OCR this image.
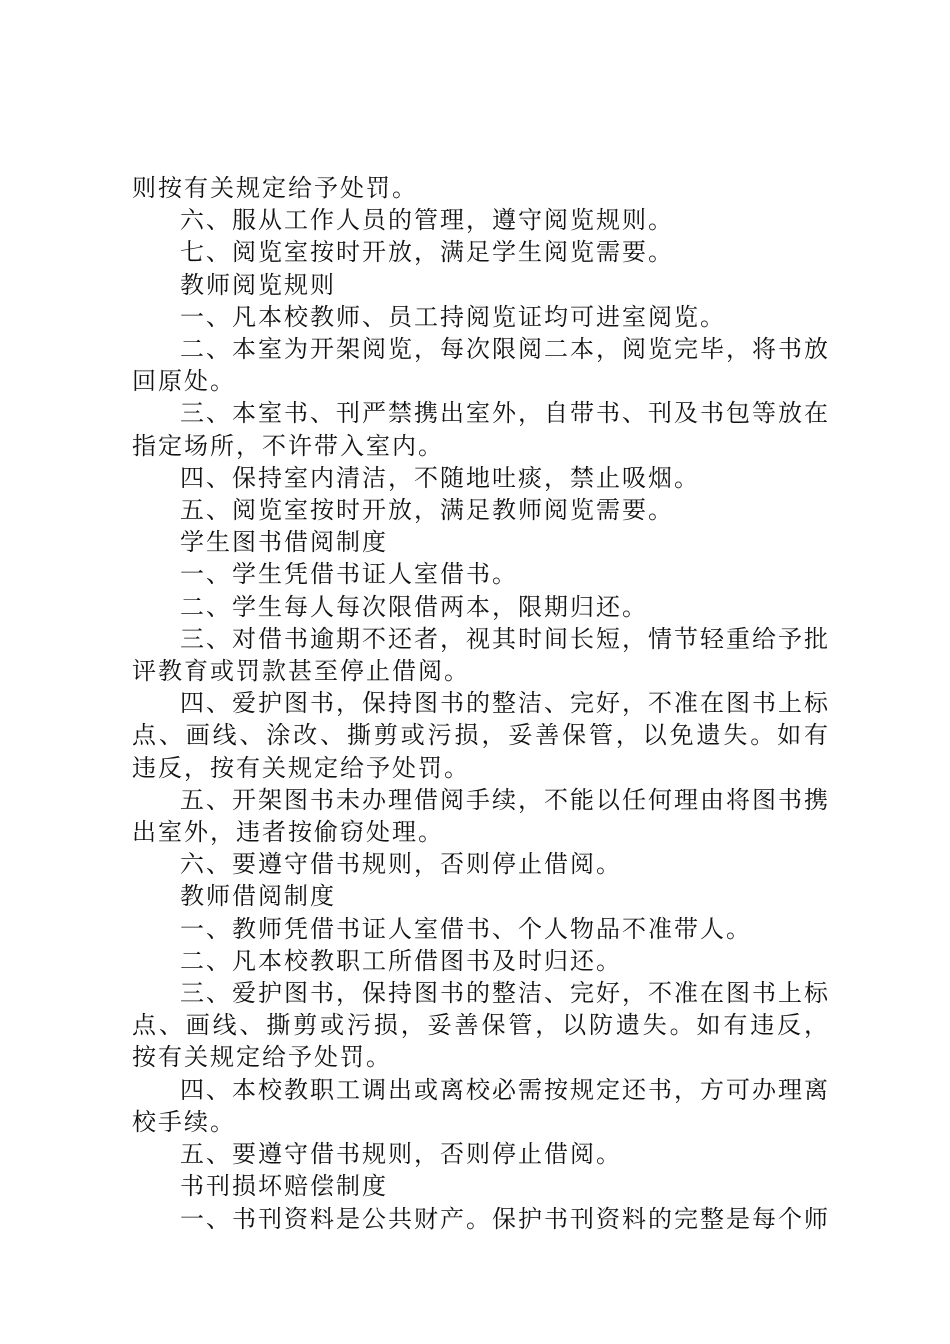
则按有关规定给予处罚。

六、服从工作人员的管理，遵守阅览规则。

七、阅览室按时开放，满足学生阅览需要。

教师阅览规则

一、凡本校教师、员工持阅览证均可进室阅览。

二、本室为开架阅览，每次限阅二本，阅览完毕，将书放回原处。

三、本室书、刊严禁携出室外，自带书、刊及书包等放在指定场所，不许带入室内。

四、保持室内清洁，不随地吐痰，禁止吸烟。

五、阅览室按时开放，满足教师阅览需要。

学生图书借阅制度

一、学生凭借书证人室借书。

二、学生每人每次限借两本，限期归还。

三、对借书逾期不还者，视其时间长短，情节轻重给予批评教育或罚款甚至停止借阅。

四、爱护图书，保持图书的整洁、完好，不准在图书上标点、画线、涂改、撕剪或污损，妥善保管，以免遗失。如有违反，按有关规定给予处罚。

五、开架图书未办理借阅手续，不能以任何理由将图书携出室外，违者按偷窃处理。

六、要遵守借书规则，否则停止借阅。

教师借阅制度

一、教师凭借书证人室借书、个人物品不准带人。

二、凡本校教职工所借图书及时归还。

三、爱护图书，保持图书的整洁、完好，不准在图书上标点、画线、撕剪或污损，妥善保管，以防遗失。如有违反，按有关规定给予处罚。

四、本校教职工调出或离校必需按规定还书，方可办理离校手续。

五、要遵守借书规则，否则停止借阅。

书刊损坏赔偿制度

一、书刊资料是公共财产。保护书刊资料的完整是每个师
